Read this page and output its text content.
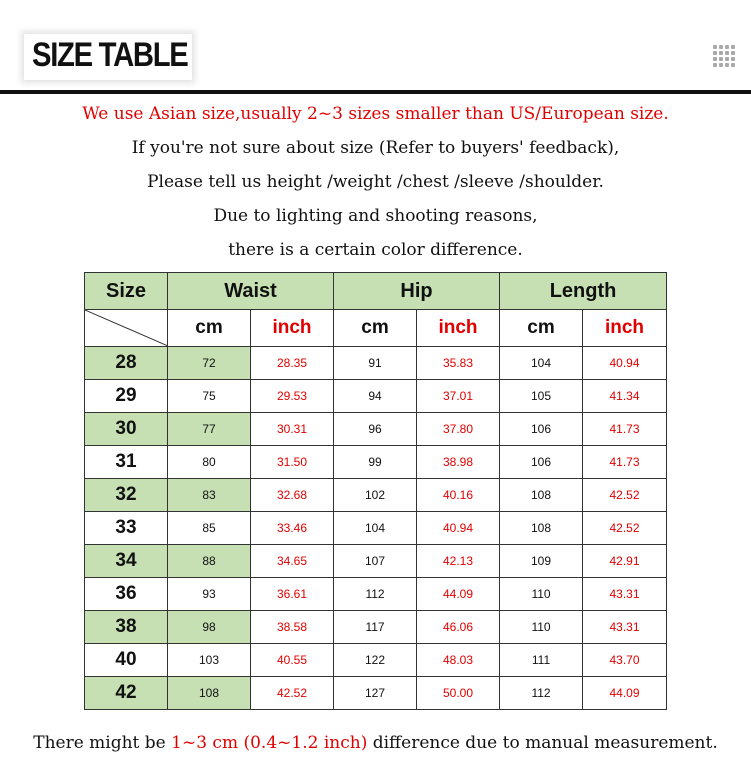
SIZE TABLE
We use Asian size,usually 2~3 sizes smaller than US/European size.
If you're not sure about size (Refer to buyers' feedback),
Please tell us height /weight /chest /sleeve /shoulder.
Due to lighting and shooting reasons,
there is a certain color difference.
Size	Waist		Hip		Length	

	cm	inch	cm	inch	cm	inch
28	72	28.35	91	35.83	104	40.94
29	75	29.53	94	37.01	105	41.34
30	77	30.31	96	37.80	106	41.73
31	80	31.50	99	38.98	106	41.73
32	83	32.68	102	40.16	108	42.52
33	85	33.46	104	40.94	108	42.52
34	88	34.65	107	42.13	109	42.91
36	93	36.61	112	44.09	110	43.31
38	98	38.58	117	46.06	110	43.31
40	103	40.55	122	48.03	111	43.70
42	108	42.52	127	50.00	112	44.09
There might be 1~3 cm (0.4~1.2 inch) difference due to manual measurement.
